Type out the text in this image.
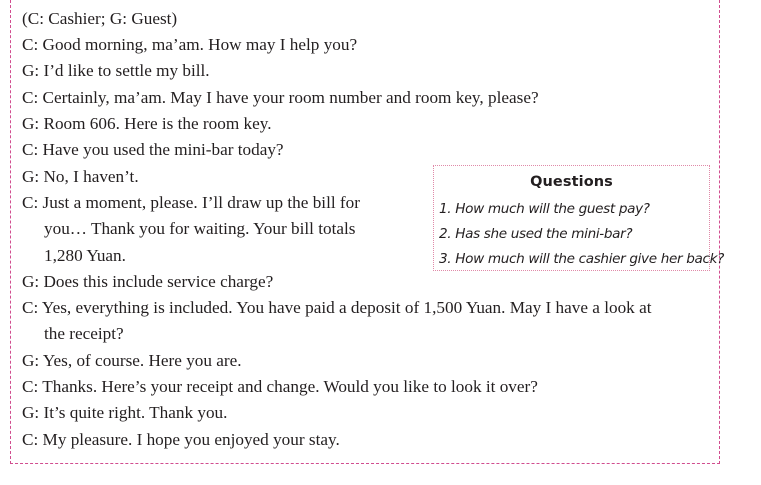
(C: Cashier; G: Guest)

C: Good morning, ma’am. How may I help you?

G: I’d like to settle my bill.

C: Certainly, ma’am. May I have your room number and room key, please?

G: Room 606. Here is the room key.

C: Have you used the mini-bar today?

G: No, I haven’t.

C: Just a moment, please. I’ll draw up the bill for

you… Thank you for waiting. Your bill totals

1,280 Yuan.

G: Does this include service charge?

C: Yes, everything is included. You have paid a deposit of 1,500 Yuan. May I have a look at

the receipt?

G: Yes, of course. Here you are.

C: Thanks. Here’s your receipt and change. Would you like to look it over?

G: It’s quite right. Thank you.

C: My pleasure. I hope you enjoyed your stay.

Questions
1. How much will the guest pay?
2. Has she used the mini-bar?
3. How much will the cashier give her back?
